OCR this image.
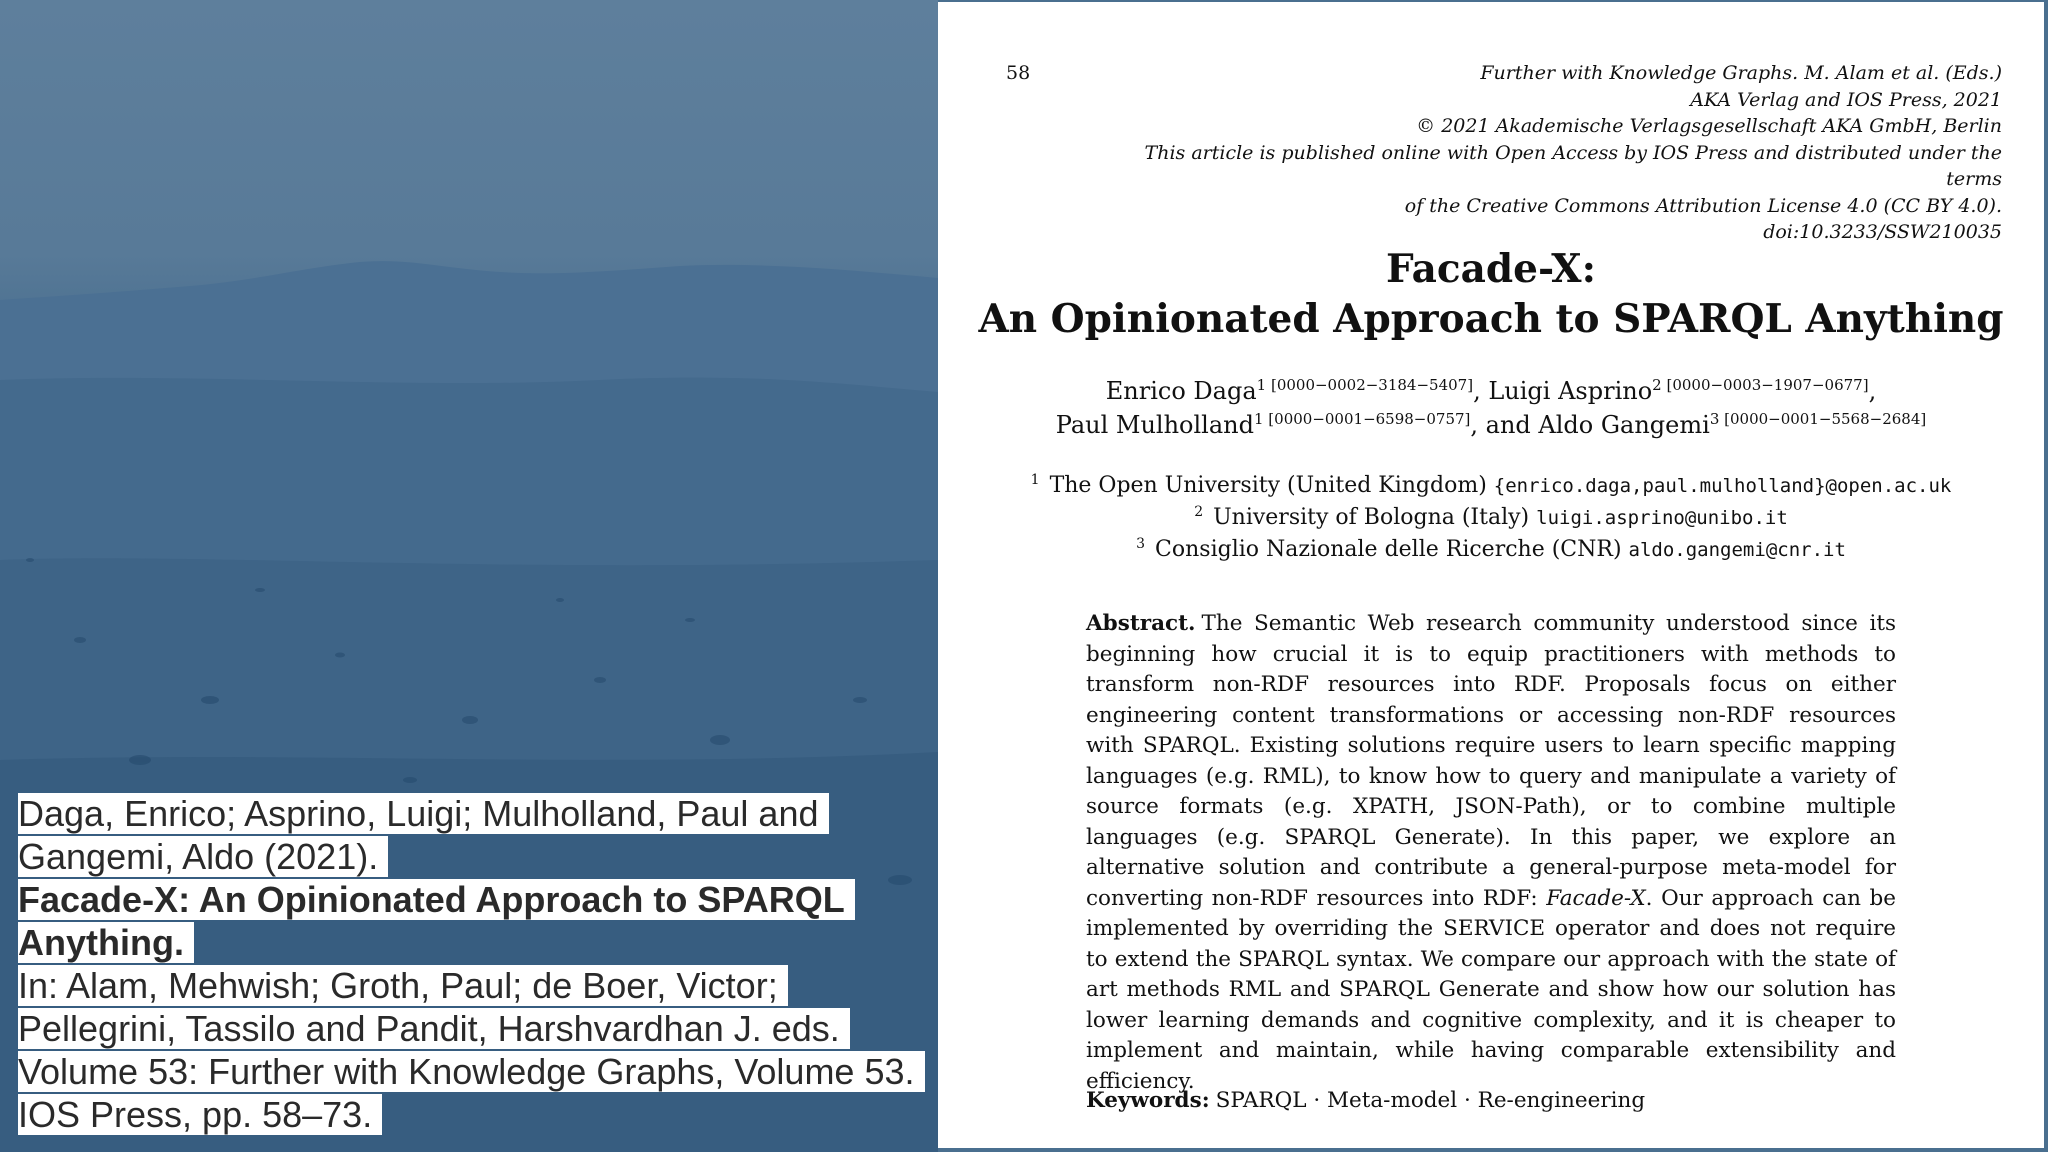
Daga, Enrico; Asprino, Luigi; Mulholland, Paul and
Gangemi, Aldo (2021).
Facade-X: An Opinionated Approach to SPARQL
Anything.
In: Alam, Mehwish; Groth, Paul; de Boer, Victor;
Pellegrini, Tassilo and Pandit, Harshvardhan J. eds.
Volume 53: Further with Knowledge Graphs, Volume 53.
IOS Press, pp. 58–73.
58	Further with Knowledge Graphs. M. Alam et al. (Eds.)
AKA Verlag and IOS Press, 2021
© 2021 Akademische Verlagsgesellschaft AKA GmbH, Berlin
This article is published online with Open Access by IOS Press and distributed under the terms
of the Creative Commons Attribution License 4.0 (CC BY 4.0).
doi:10.3233/SSW210035
Facade-X:
An Opinionated Approach to SPARQL Anything
Enrico Daga$^{1 [0000-0002-3184-5407]}$, Luigi Asprino$^{2 [0000-0003-1907-0677]}$,
Paul Mulholland$^{1 [0000-0001-6598-0757]}$, and Aldo Gangemi$^{3 [0000-0001-5568-2684]}$
$^1$ The Open University (United Kingdom) {enrico.daga,paul.mulholland}@open.ac.uk
$^2$ University of Bologna (Italy) luigi.asprino@unibo.it
$^3$ Consiglio Nazionale delle Ricerche (CNR) aldo.gangemi@cnr.it
Abstract. The Semantic Web research community understood since its beginning how crucial it is to equip practitioners with methods to transform non-RDF resources into RDF. Proposals focus on either engineering content transformations or accessing non-RDF resources with SPARQL. Existing solutions require users to learn specific mapping languages (e.g. RML), to know how to query and manipulate a variety of source formats (e.g. XPATH, JSON-Path), or to combine multiple languages (e.g. SPARQL Generate). In this paper, we explore an alternative solution and contribute a general-purpose meta-model for converting non-RDF resources into RDF: Facade-X. Our approach can be implemented by overriding the SERVICE operator and does not require to extend the SPARQL syntax. We compare our approach with the state of art methods RML and SPARQL Generate and show how our solution has lower learning demands and cognitive complexity, and it is cheaper to implement and maintain, while having comparable extensibility and efficiency.
Keywords: SPARQL · Meta-model · Re-engineering
